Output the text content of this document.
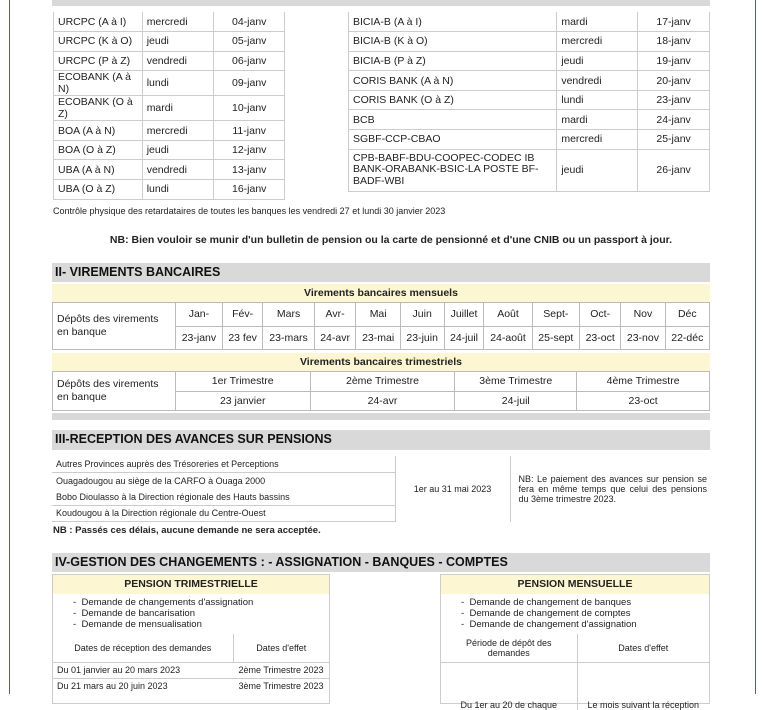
URCPC (A à I)	mercredi	04-janv
URCPC (K à O)	jeudi	05-janv
URCPC (P à Z)	vendredi	06-janv
ECOBANK (A à N)	lundi	09-janv
ECOBANK (O à Z)	mardi	10-janv
BOA (A à N)	mercredi	11-janv
BOA (O à Z)	jeudi	12-janv
UBA (A à N)	vendredi	13-janv
UBA (O à Z)	lundi	16-janv
BICIA-B (A à I)	mardi	17-janv
BICIA-B (K à O)	mercredi	18-janv
BICIA-B (P à Z)	jeudi	19-janv
CORIS BANK (A à N)	vendredi	20-janv
CORIS BANK (O à Z)	lundi	23-janv
BCB	mardi	24-janv
SGBF-CCP-CBAO	mercredi	25-janv
CPB-BABF-BDU-COOPEC-CODEC IB BANK-ORABANK-BSIC-LA POSTE BF- BADF-WBI	jeudi	26-janv
Contrôle physique des retardataires de toutes les banques les vendredi 27 et lundi 30 janvier 2023
NB: Bien vouloir se munir d'un bulletin de pension ou la carte de pensionné et d'une CNIB ou un passport à jour.
II- VIREMENTS BANCAIRES
Virements bancaires mensuels
Dépôts des virements en banque	Jan-	Fév-	Mars	Avr-	Mai	Juin	Juillet	Août	Sept-	Oct-	Nov	Déc
	23-janv	23 fev	23-mars	24-avr	23-mai	23-juin	24-juil	24-août	25-sept	23-oct	23-nov	22-déc
Virements bancaires trimestriels
Dépôts des virements en banque	1er Trimestre	2ème Trimestre	3ème Trimestre	4ème Trimestre
	23 janvier	24-avr	24-juil	23-oct
III-RECEPTION DES AVANCES SUR PENSIONS
Autres Provinces auprès des Trésoreries et Perceptions	1er au 31 mai 2023	NB: Le paiement des avances sur pension se fera en même temps que celui des pensions du 3ème trimestre 2023.
Ouagadougou au siège de la CARFO à Ouaga 2000
Bobo Dioulasso à la Direction régionale des Hauts bassins
Koudougou à la Direction régionale du Centre-Ouest
NB : Passés ces délais, aucune demande ne sera acceptée.
IV-GESTION DES CHANGEMENTS : - ASSIGNATION - BANQUES - COMPTES
PENSION TRIMESTRIELLE
- Demande de changements d'assignation
- Demande de bancarisation
- Demande de mensualisation
Dates de réception des demandes	Dates d'effet
Du 01 janvier au 20 mars 2023	2ème Trimestre 2023
Du 21 mars au 20 juin 2023	3ème Trimestre 2023
PENSION MENSUELLE
- Demande de changement de banques
- Demande de changement de comptes
- Demande de changement d'assignation
Période de dépôt des demandes	Dates d'effet
Du 1er au 20 de chaque	Le mois suivant la réception
